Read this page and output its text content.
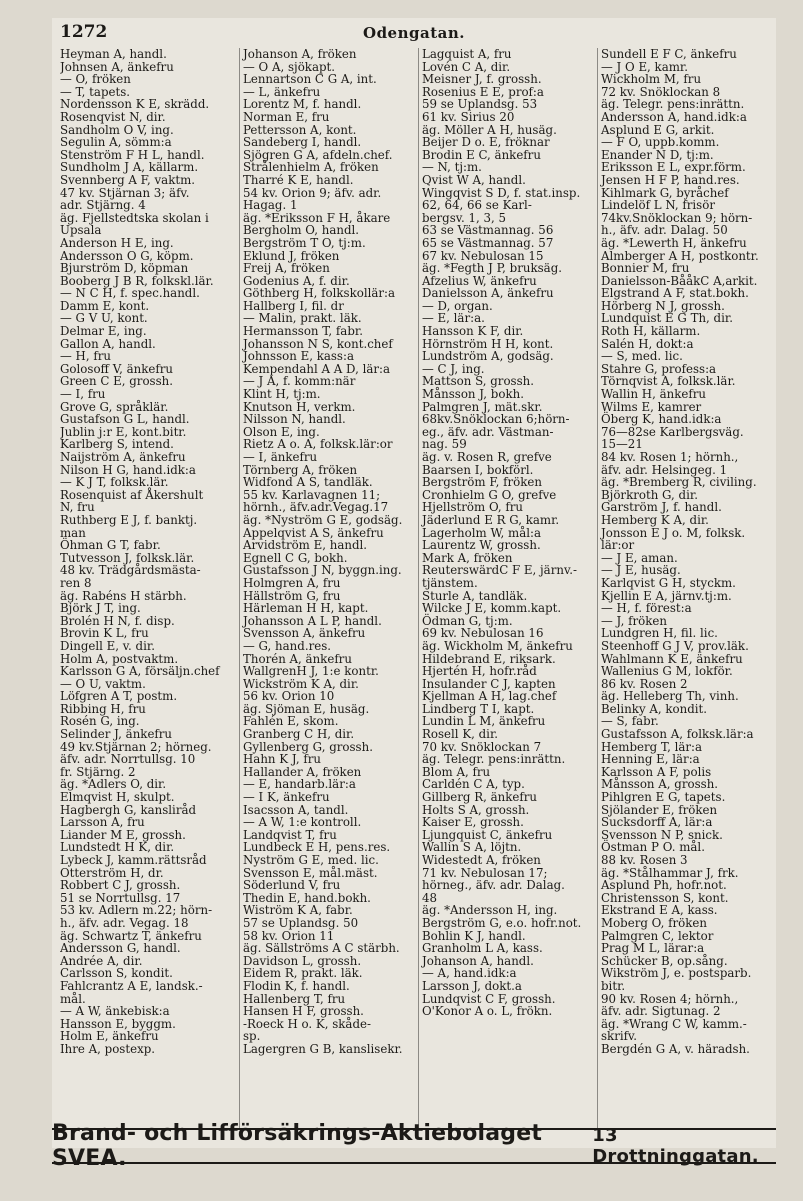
1272	Odengatan.
Heyman A, handl.
Johnsen A, änkefru
— O, fröken
— T, tapets.
Nordensson K E, skrädd.
Rosenqvist N, dir.
Sandholm O V, ing.
Segulin A, sömm:a
Stenström F H L, handl.
Sundholm J A, källarm.
Svennberg A F, vaktm.
47 kv. Stjärnan 3; äfv.
adr. Stjärng. 4
äg. Fjellstedtska skolan i
Upsala
Anderson H E, ing.
Andersson O G, köpm.
Bjurström D, köpman
Booberg J B R, folkskl.lär.
— N C H, f. spec.handl.
Damm E, kont.
— G V U, kont.
Delmar E, ing.
Gallon A, handl.
— H, fru
Golosoff V, änkefru
Green C E, grossh.
— I, fru
Grove G, språklär.
Gustafson G L, handl.
Jublin j:r E, kont.bitr.
Karlberg S, intend.
Naijström A, änkefru
Nilson H G, hand.idk:a
— K J T, folksk.lär.
Rosenquist af Åkershult
N, fru
Ruthberg E J, f. banktj.
man
Öhman G T, fabr.
Tutvesson J, folksk.lär.
48 kv. Trädgårdsmästa-
ren 8
äg. Rabéns H stärbh.
Björk J T, ing.
Brolén H N, f. disp.
Brovin K L, fru
Dingell E, v. dir.
Holm A, postvaktm.
Karlsson G A, försäljn.chef
— O U, vaktm.
Löfgren A T, postm.
Ribbing H, fru
Rosén G, ing.
Selinder J, änkefru
49 kv.Stjärnan 2; hörneg.
äfv. adr. Norrtullsg. 10
fr. Stjärng. 2
äg. *Adlers O, dir.
Elmqvist H, skulpt.
Hagbergh G, kansliråd
Larsson A, fru
Liander M E, grossh.
Lundstedt H K, dir.
Lybeck J, kamm.rättsråd
Otterström H, dr.
Robbert C J, grossh.
51 se Norrtullsg. 17
53 kv. Adlern m.22; hörn-
h., äfv. adr. Vegag. 18
äg. Schwartz T, änkefru
Andersson G, handl.
Andrée A, dir.
Carlsson S, kondit.
Fahlcrantz A E, landsk.-
mål.
— A W, änkebisk:a
Hansson E, byggm.
Holm E, änkefru
Ihre A, postexp.
Johanson A, fröken
— O A, sjökapt.
Lennartson C G A, int.
— L, änkefru
Lorentz M, f. handl.
Norman E, fru
Pettersson A, kont.
Sandeberg I, handl.
Sjögren G A, afdeln.chef.
Strålenhielm A, fröken
Tharré K E, handl.
54 kv. Orion 9; äfv. adr.
Hagag. 1
äg. *Eriksson F H, åkare
Bergholm O, handl.
Bergström T O, tj:m.
Eklund J, fröken
Freij A, fröken
Godenius A, f. dir.
Göthberg H, folkskollär:a
Hallberg I, fil. dr
— Malin, prakt. läk.
Hermansson T, fabr.
Johansson N S, kont.chef
Johnsson E, kass:a
Kempendahl A A D, lär:a
— J A, f. komm:när
Klint H, tj:m.
Knutson H, verkm.
Nilsson N, handl.
Olson E, ing.
Rietz A o. A, folksk.lär:or
— I, änkefru
Törnberg A, fröken
Widfond A S, tandläk.
55 kv. Karlavagnen 11;
hörnh., äfv.adr.Vegag.17
äg. *Nyström G E, godsäg.
Appelqvist A S, änkefru
Arvidström E, handl.
Egnell C G, bokh.
Gustafsson J N, byggn.ing.
Holmgren A, fru
Hällström G, fru
Härleman H H, kapt.
Johansson A L P, handl.
Svensson A, änkefru
— G, hand.res.
Thorén A, änkefru
WallgrenH J, 1:e kontr.
Wickström K A, dir.
56 kv. Orion 10
äg. Sjöman E, husäg.
Fahlén E, skom.
Granberg C H, dir.
Gyllenberg G, grossh.
Hahn K J, fru
Hallander A, fröken
— E, handarb.lär:a
— I K, änkefru
Isacsson A, tandl.
— A W, 1:e kontroll.
Landqvist T, fru
Lundbeck E H, pens.res.
Nyström G E, med. lic.
Svensson E, mål.mäst.
Söderlund V, fru
Thedin E, hand.bokh.
Wiström K A, fabr.
57 se Uplandsg. 50
58 kv. Orion 11
äg. Sällströms A C stärbh.
Davidson L, grossh.
Eidem R, prakt. läk.
Flodin K, f. handl.
Hallenberg T, fru
Hansen H F, grossh.
-Roeck H o. K, skåde-
sp.
Lagergren G B, kanslisekr.
Lagquist A, fru
Lovén C A, dir.
Meisner J, f. grossh.
Rosenius E E, prof:a
59 se Uplandsg. 53
61 kv. Sirius 20
äg. Möller A H, husäg.
Beijer D o. E, fröknar
Brodin E C, änkefru
— N, tj:m.
Qvist W A, handl.
Wingqvist S D, f. stat.insp.
62, 64, 66 se Karl-
bergsv. 1, 3, 5
63 se Västmannag. 56
65 se Västmannag. 57
67 kv. Nebulosan 15
äg. *Fegth J P, bruksäg.
Afzelius W, änkefru
Danielsson A, änkefru
— D, organ.
— E, lär:a.
Hansson K F, dir.
Hörnström H H, kont.
Lundström A, godsäg.
— C J, ing.
Mattson S, grossh.
Månsson J, bokh.
Palmgren J, mät.skr.
68kv.Snöklockan 6;hörn-
eg., äfv. adr. Västman-
nag. 59
äg. v. Rosen R, grefve
Baarsen I, bokförl.
Bergström F, fröken
Cronhielm G O, grefve
Hjellström O, fru
Jäderlund E R G, kamr.
Lagerholm W, mål:a
Laurentz W, grossh.
Mark A, fröken
ReuterswärdC F E, järnv.-
tjänstem.
Sturle A, tandläk.
Wilcke J E, komm.kapt.
Ödman G, tj:m.
69 kv. Nebulosan 16
äg. Wickholm M, änkefru
Hildebrand E, riksark.
Hjertén H, hofr.råd
Insulander C J, kapten
Kjellman A H, lag.chef
Lindberg T I, kapt.
Lundin L M, änkefru
Rosell K, dir.
70 kv. Snöklockan 7
äg. Telegr. pens:inrättn.
Blom A, fru
Carldén C A, typ.
Gillberg R, änkefru
Holts S A, grossh.
Kaiser E, grossh.
Ljungquist C, änkefru
Wallin S A, löjtn.
Widestedt A, fröken
71 kv. Nebulosan 17;
hörneg., äfv. adr. Dalag.
48
äg. *Andersson H, ing.
Bergström G, e.o. hofr.not.
Bohlin K J, handl.
Granholm L A, kass.
Johanson A, handl.
— A, hand.idk:a
Larsson J, dokt.a
Lundqvist C F, grossh.
O'Konor A o. L, frökn.
Sundell E F C, änkefru
— J O E, kamr.
Wickholm M, fru
72 kv. Snöklockan 8
äg. Telegr. pens:inrättn.
Andersson A, hand.idk:a
Asplund E G, arkit.
— F O, uppb.komm.
Enander N D, tj:m.
Eriksson E L, expr.förm.
Jensen H F P, hand.res.
Kihlmark G, byråchef
Lindelöf L N, frisör
74kv.Snöklockan 9; hörn-
h., äfv. adr. Dalag. 50
äg. *Lewerth H, änkefru
Almberger A H, postkontr.
Bonnier M, fru
Danielsson-BååkC A,arkit.
Elgstrand A F, stat.bokh.
Hörberg N J, grossh.
Lundquist E G Th, dir.
Roth H, källarm.
Salén H, dokt:a
— S, med. lic.
Stahre G, profess:a
Törnqvist A, folksk.lär.
Wallin H, änkefru
Wilms E, kamrer
Öberg K, hand.idk:a
76—82se Karlbergsväg.
15—21
84 kv. Rosen 1; hörnh.,
äfv. adr. Helsingeg. 1
äg. *Bremberg R, civiling.
Björkroth G, dir.
Garström J, f. handl.
Hemberg K A, dir.
Jonsson E J o. M, folksk.
lär:or
— J E, aman.
— J E, husäg.
Karlqvist G H, styckm.
Kjellin E A, järnv.tj:m.
— H, f. förest:a
— J, fröken
Lundgren H, fil. lic.
Steenhoff G J V, prov.läk.
Wahlmann K E, änkefru
Wallenius G M, lokför.
86 kv. Rosen 2
äg. Helleberg Th, vinh.
Belinky A, kondit.
— S, fabr.
Gustafsson A, folksk.lär:a
Hemberg T, lär:a
Henning E, lär:a
Karlsson A F, polis
Månsson A, grossh.
Pihlgren E G, tapets.
Sjölander E, fröken
Sucksdorff A, lär:a
Svensson N P, snick.
Östman P O. mål.
88 kv. Rosen 3
äg. *Stålhammar J, frk.
Asplund Ph, hofr.not.
Christensson S, kont.
Ekstrand E A, kass.
Moberg O, fröken
Palmgren C, lektor
Prag M L, lärar:a
Schücker B, op.sång.
Wikström J, e. postsparb.
bitr.
90 kv. Rosen 4; hörnh.,
äfv. adr. Sigtunag. 2
äg. *Wrang C W, kamm.-
skrifv.
Bergdén G A, v. häradsh.
Brand- och Lifförsäkrings-Aktiebolaget SVEA.
13 Drottninggatan.
